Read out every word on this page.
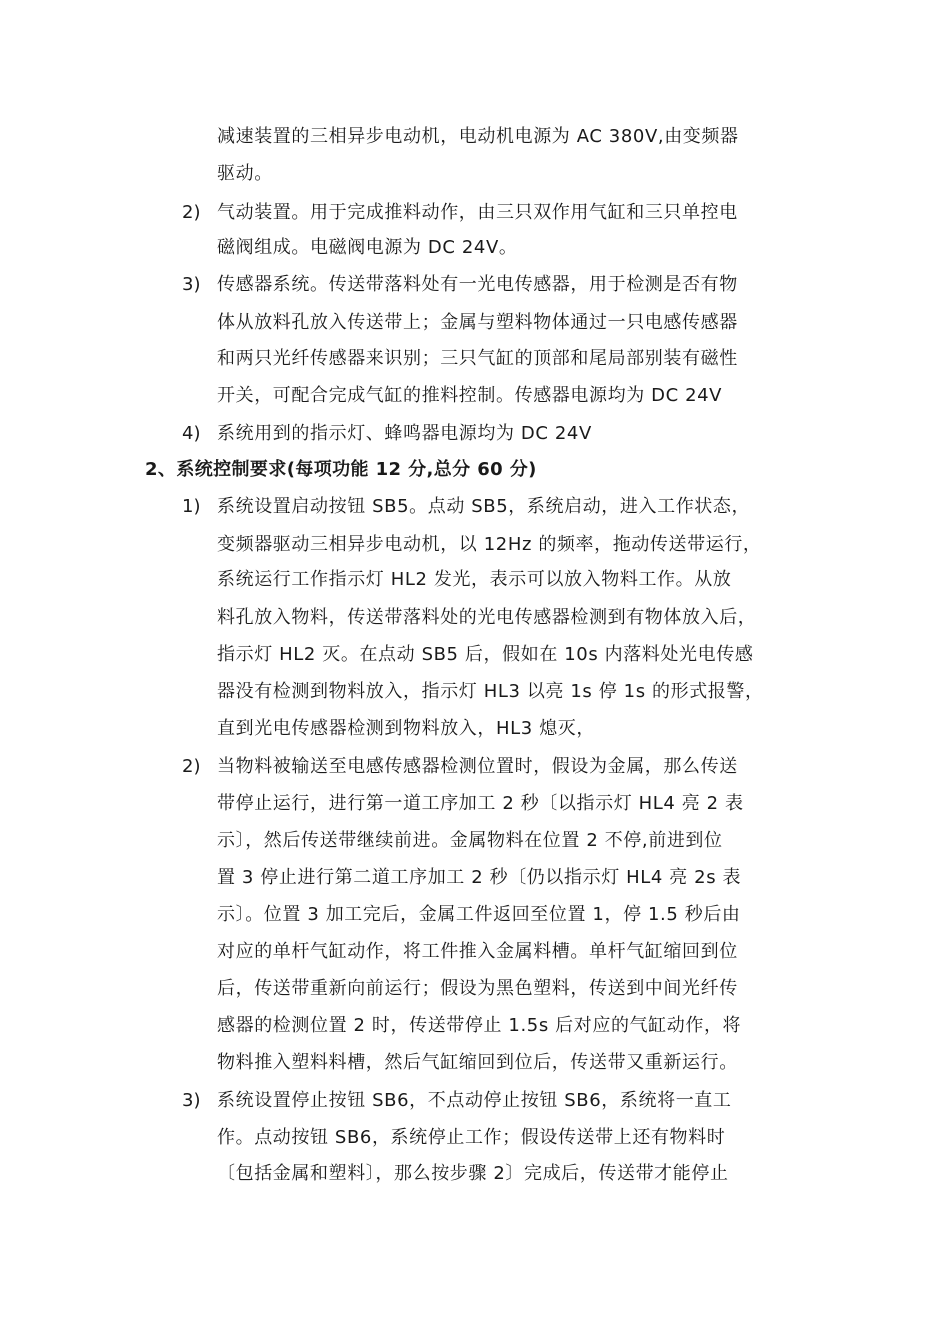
减速装置的三相异步电动机，电动机电源为 AC 380V,由变频器
驱动。
2) 气动装置。用于完成推料动作，由三只双作用气缸和三只单控电
磁阀组成。电磁阀电源为 DC 24V。
3) 传感器系统。传送带落料处有一光电传感器，用于检测是否有物
体从放料孔放入传送带上；金属与塑料物体通过一只电感传感器
和两只光纤传感器来识别；三只气缸的顶部和尾局部别装有磁性
开关，可配合完成气缸的推料控制。传感器电源均为 DC 24V
4) 系统用到的指示灯、蜂鸣器电源均为 DC 24V
2、系统控制要求(每项功能 12 分,总分 60 分)
1) 系统设置启动按钮 SB5。点动 SB5，系统启动，进入工作状态，
变频器驱动三相异步电动机，以 12Hz 的频率，拖动传送带运行，
系统运行工作指示灯 HL2 发光，表示可以放入物料工作。从放
料孔放入物料，传送带落料处的光电传感器检测到有物体放入后，
指示灯 HL2 灭。在点动 SB5 后，假如在 10s 内落料处光电传感
器没有检测到物料放入，指示灯 HL3 以亮 1s 停 1s 的形式报警，
直到光电传感器检测到物料放入，HL3 熄灭，
2) 当物料被输送至电感传感器检测位置时，假设为金属，那么传送
带停止运行，进行第一道工序加工 2 秒〔以指示灯 HL4 亮 2 表
示〕，然后传送带继续前进。金属物料在位置 2 不停,前进到位
置 3 停止进行第二道工序加工 2 秒〔仍以指示灯 HL4 亮 2s 表
示〕。位置 3 加工完后，金属工件返回至位置 1，停 1.5 秒后由
对应的单杆气缸动作，将工件推入金属料槽。单杆气缸缩回到位
后，传送带重新向前运行；假设为黑色塑料，传送到中间光纤传
感器的检测位置 2 时，传送带停止 1.5s 后对应的气缸动作，将
物料推入塑料料槽，然后气缸缩回到位后，传送带又重新运行。
3) 系统设置停止按钮 SB6，不点动停止按钮 SB6，系统将一直工
作。点动按钮 SB6，系统停止工作；假设传送带上还有物料时
〔包括金属和塑料〕，那么按步骤 2〕完成后，传送带才能停止
